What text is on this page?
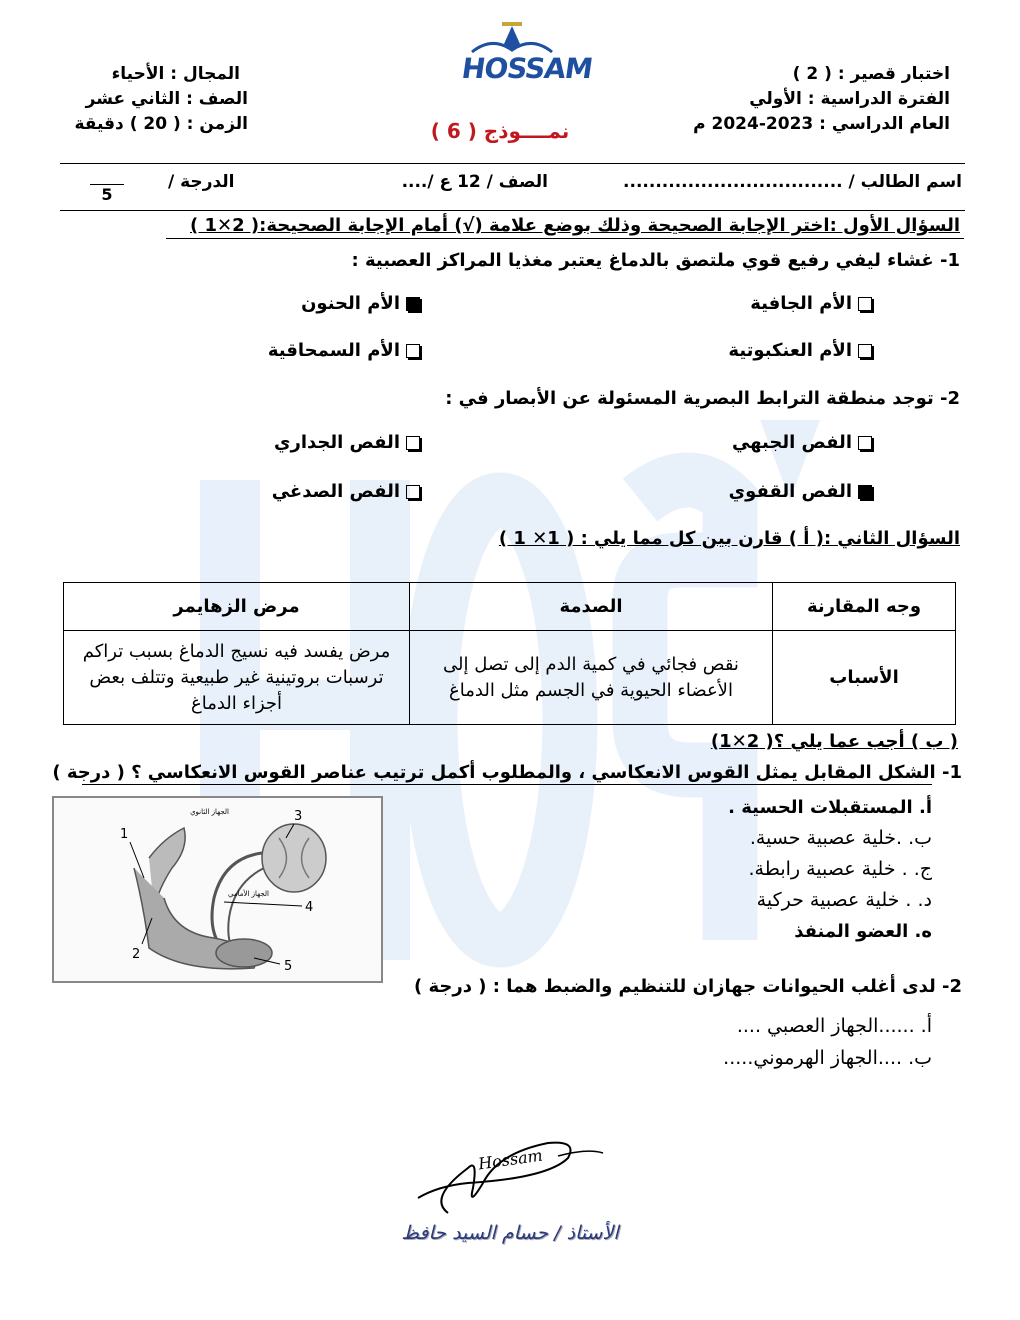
اختبار قصير : ( 2 )
الفترة الدراسية : الأولي
العام الدراسي : 2023-2024 م
المجال : الأحياء
الصف : الثاني عشر
الزمن : ( 20 ) دقيقة
HOSSAM
نمــــوذج ( 6 )
اسم الطالب / ..................................
الصف / 12 ع /....
الدرجة /
5
السؤال الأول :اختر الإجابة الصحيحة وذلك بوضع علامة (√) أمام الإجابة الصحيحة:( 2✕1 )
1- غشاء ليفي رفيع قوي ملتصق بالدماغ يعتبر مغذيا المراكز العصبية :
الأم الجافية
الأم الحنون
الأم العنكبوتية
الأم السمحاقية
2- توجد منطقة الترابط البصرية المسئولة عن الأبصار في :
الفص الجبهي
الفص الجداري
الفص القفوي
الفص الصدغي
السؤال الثاني :( أ ) قارن بين كل مما يلي : ( 1✕ 1 )
وجه المقارنة	الصدمة	مرض الزهايمر
الأسباب	نقص فجائي في كمية الدم إلى تصل إلى الأعضاء الحيوية في الجسم مثل الدماغ	مرض يفسد فيه نسيج الدماغ بسبب تراكم ترسبات بروتينية غير طبيعية وتتلف بعض أجزاء الدماغ
( ب ) أجب عما يلي ؟( 2✕1)
1- الشكل المقابل يمثل القوس الانعكاسي ، والمطلوب أكمل ترتيب عناصر القوس الانعكاسي ؟ ( درجة )
أ. المستقبلات الحسية .
ب. .خلية عصبية حسية.
ج. . خلية عصبية رابطة.
د. . خلية عصبية حركية
ه. العضو المنفذ
1
2
3
4
5
الجهاز الثانوي
الجهاز الأمامي
2- لدى أغلب الحيوانات جهازان للتنظيم والضبط هما : ( درجة )
أ. ......الجهاز العصبي ....
ب. ....الجهاز الهرموني.....
Hossam
الأستاذ / حسام السيد حافظ
